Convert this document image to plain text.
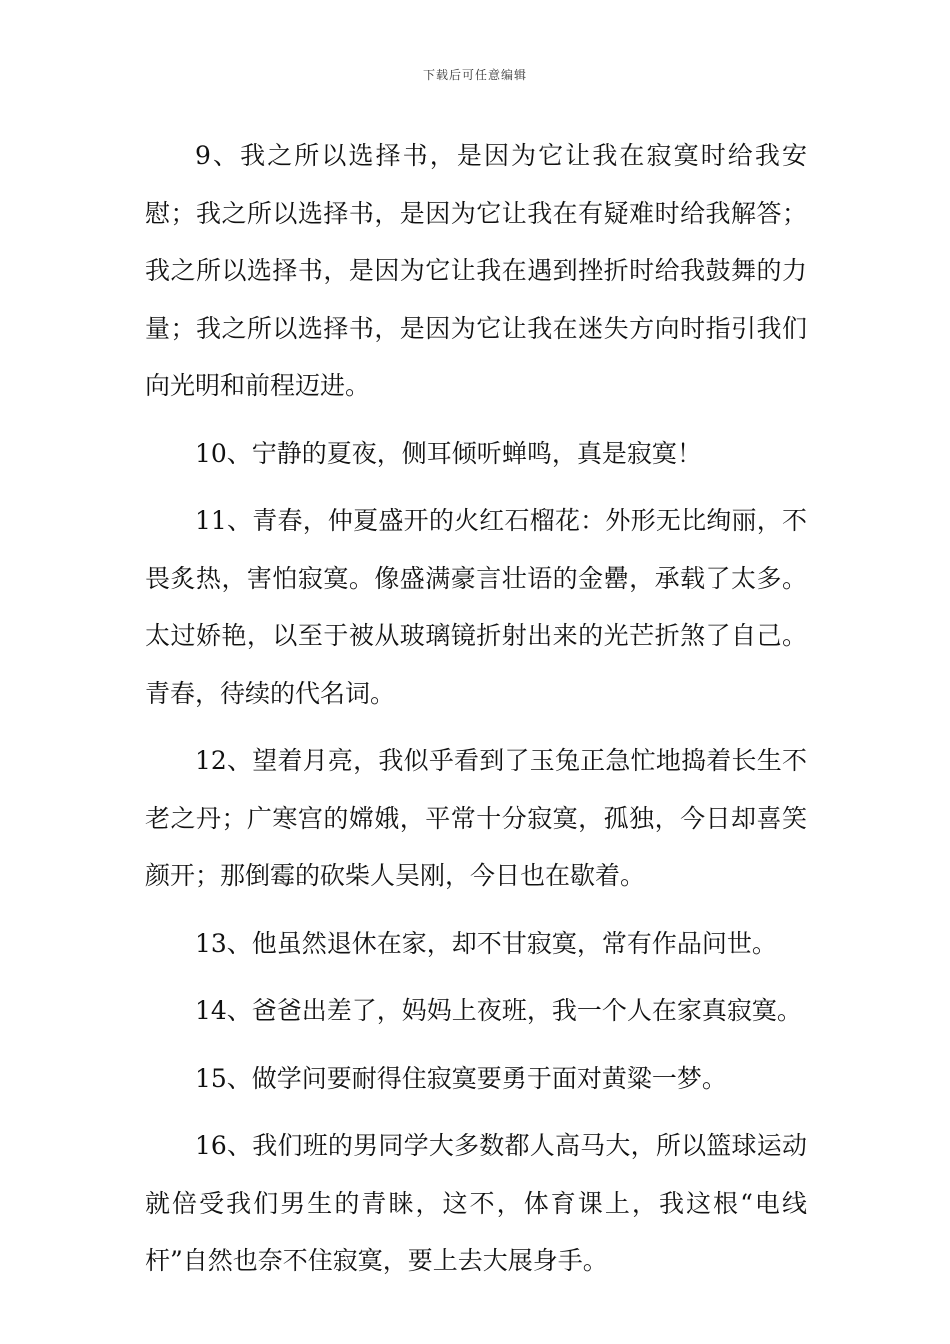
下载后可任意编辑

9、我之所以选择书，是因为它让我在寂寞时给我安慰；我之所以选择书，是因为它让我在有疑难时给我解答；我之所以选择书，是因为它让我在遇到挫折时给我鼓舞的力量；我之所以选择书，是因为它让我在迷失方向时指引我们向光明和前程迈进。

10、宁静的夏夜，侧耳倾听蝉鸣，真是寂寞！

11、青春，仲夏盛开的火红石榴花：外形无比绚丽，不畏炙热，害怕寂寞。像盛满豪言壮语的金罍，承载了太多。太过娇艳，以至于被从玻璃镜折射出来的光芒折煞了自己。青春，待续的代名词。

12、望着月亮，我似乎看到了玉兔正急忙地捣着长生不老之丹；广寒宫的嫦娥，平常十分寂寞，孤独，今日却喜笑颜开；那倒霉的砍柴人吴刚，今日也在歇着。

13、他虽然退休在家，却不甘寂寞，常有作品问世。

14、爸爸出差了，妈妈上夜班，我一个人在家真寂寞。

15、做学问要耐得住寂寞要勇于面对黄粱一梦。

16、我们班的男同学大多数都人高马大，所以篮球运动就倍受我们男生的青睐，这不，体育课上，我这根“电线杆”自然也奈不住寂寞，要上去大展身手。
